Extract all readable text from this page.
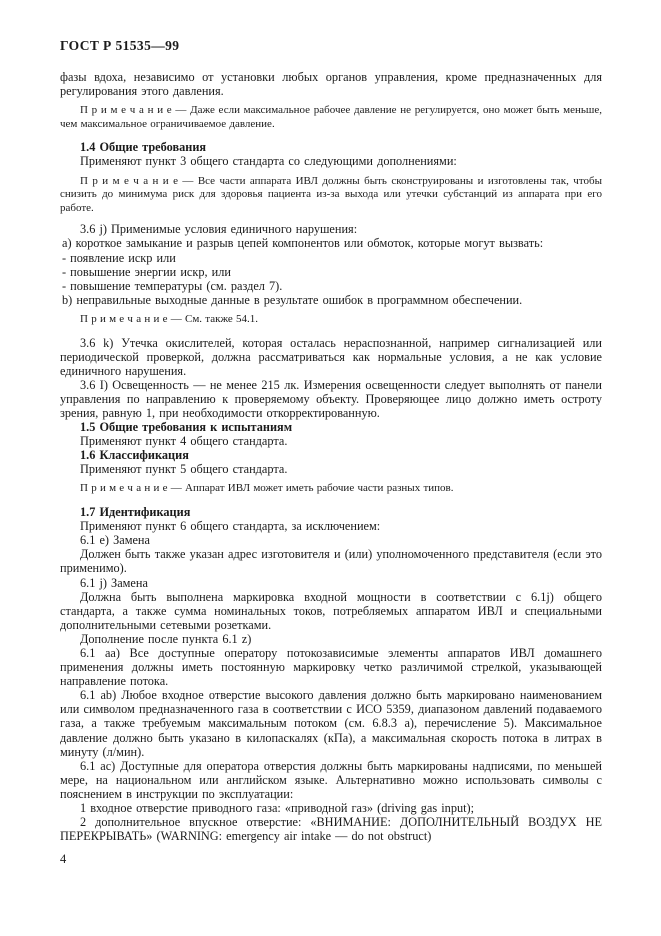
ГОСТ Р 51535—99

фазы вдоха, независимо от установки любых органов управления, кроме предназначенных для регулирования этого давления.

П р и м е ч а н и е — Даже если максимальное рабочее давление не регулируется, оно может быть меньше, чем максимальное ограничиваемое давление.

1.4 Общие требования

Применяют пункт 3 общего стандарта со следующими дополнениями:

П р и м е ч а н и е — Все части аппарата ИВЛ должны быть сконструированы и изготовлены так, чтобы снизить до минимума риск для здоровья пациента из-за выхода или утечки субстанций из аппарата при его работе.

3.6 j) Применимые условия единичного нарушения:

a) короткое замыкание и разрыв цепей компонентов или обмоток, которые могут вызвать:

- появление искр или

- повышение энергии искр, или

- повышение температуры (см. раздел 7).

b) неправильные выходные данные в результате ошибок в программном обеспечении.

П р и м е ч а н и е — См. также 54.1.

3.6 k) Утечка окислителей, которая осталась нераспознанной, например сигнализацией или периодической проверкой, должна рассматриваться как нормальные условия, а не как условие единичного нарушения.

3.6 I) Освещенность — не менее 215 лк. Измерения освещенности следует выполнять от панели управления по направлению к проверяемому объекту. Проверяющее лицо должно иметь остроту зрения, равную 1, при необходимости откорректированную.

1.5 Общие требования к испытаниям

Применяют пункт 4 общего стандарта.

1.6 Классификация

Применяют пункт 5 общего стандарта.

П р и м е ч а н и е — Аппарат ИВЛ может иметь рабочие части разных типов.

1.7 Идентификация

Применяют пункт 6 общего стандарта, за исключением:

6.1 e) Замена

Должен быть также указан адрес изготовителя и (или) уполномоченного представителя (если это применимо).

6.1 j) Замена

Должна быть выполнена маркировка входной мощности в соответствии с 6.1j) общего стандарта, а также сумма номинальных токов, потребляемых аппаратом ИВЛ и специальными дополнительными сетевыми розетками.

Дополнение после пункта 6.1 z)

6.1 aa) Все доступные оператору потокозависимые элементы аппаратов ИВЛ домашнего применения должны иметь постоянную маркировку четко различимой стрелкой, указывающей направление потока.

6.1 ab) Любое входное отверстие высокого давления должно быть маркировано наименованием или символом предназначенного газа в соответствии с ИСО 5359, диапазоном давлений подаваемого газа, а также требуемым максимальным потоком (см. 6.8.3 а), перечисление 5). Максимальное давление должно быть указано в килопаскалях (кПа), а максимальная скорость потока в литрах в минуту (л/мин).

6.1 ac) Доступные для оператора отверстия должны быть маркированы надписями, по меньшей мере, на национальном или английском языке. Альтернативно можно использовать символы с пояснением в инструкции по эксплуатации:

1 входное отверстие приводного газа: «приводной газ» (driving gas input);

2 дополнительное впускное отверстие: «ВНИМАНИЕ: ДОПОЛНИТЕЛЬНЫЙ ВОЗДУХ НЕ ПЕРЕКРЫВАТЬ» (WARNING: emergency air intake — do not obstruct)

4
